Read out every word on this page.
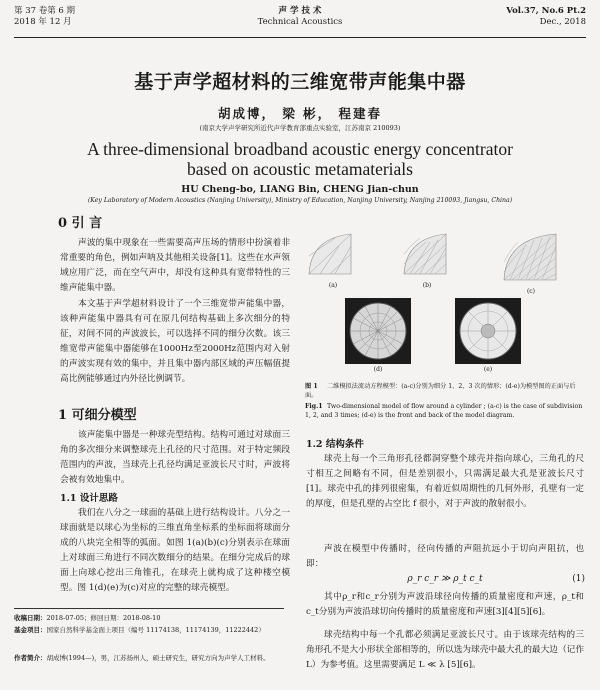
第 37 卷第 6 期
2018 年 12 月
声 学 技 术
Technical Acoustics
Vol.37, No.6 Pt.2
Dec., 2018
基于声学超材料的三维宽带声能集中器
胡成博， 梁 彬， 程建春
(南京大学声学研究所近代声学教育部重点实验室，江苏南京 210093)
A three-dimensional broadband acoustic energy concentrator
based on acoustic metamaterials
HU Cheng-bo, LIANG Bin, CHENG Jian-chun
(Key Laboratory of Modern Acoustics (Nanjing University), Ministry of Education, Nanjing University, Nanjing 210093, Jiangsu, China)
0 引 言
声波的集中现象在一些需要高声压场的情形中扮演着非常重要的角色，例如声呐及其他相关设备[1]。这些在水声领域应用广泛，而在空气声中，却没有这种具有宽带特性的三维声能集中器。
本文基于声学超材料设计了一个三维宽带声能集中器，该种声能集中器具有可在原几何结构基础上多次细分的特征，对间不同的声波波长，可以选择不同的细分次数。该三维宽带声能集中器能够在1000Hz至2000Hz范围内对入射的声波实现有效的集中，并且集中器内部区域的声压幅值提高比例能够通过内外径比例调节。
1 可细分模型
该声能集中器是一种球壳型结构。结构可通过对球面三角的多次细分来调整球壳上孔径的尺寸范围。对于特定频段范围内的声波，当球壳上孔径均满足亚波长尺寸时，声波将会被有效地集中。
1.1 设计思路
我们在八分之一球面的基础上进行结构设计。八分之一球面就是以球心为坐标的三维直角坐标系的坐标面将球面分成的八块完全相等的弧面。如图 1(a)(b)(c)分别表示在球面上对球面三角进行不同次数细分的结果。在细分完成后的球面上向球心挖出三角锥孔，在球壳上就构成了这种楼空模型。图 1(d)(e)为(c)对应的完整的球壳模型。
(a)	(b)
(c)
(d)	(e)
图 1 二维模拟法流动方程模型：(a-c)分别为细分 1、2、3 次的情形；(d-e)为模型图的正面与后面。
Fig.1 Two-dimensional model of flow around a cylinder ; (a-c) is the case of subdivision 1, 2, and 3 times; (d-e) is the front and back of the model diagram.
1.2 结构条件
球壳上每一个三角形孔径都洞穿整个球壳并指向球心，三角孔的尺寸相互之间略有不同，但是差别很小，只需满足最大孔是亚波长尺寸[1]。球壳中孔的排列很密集，有着近似周期性的几何外形，孔壁有一定的厚度，但是孔壁的占空比 f 很小，对于声波的散射很小。
声波在模型中传播时，径向传播的声阻抗远小于切向声阻抗，也即：
ρ_r c_r ≫ ρ_t c_t	(1)
其中ρ_r和c_r分别为声波沿球径向传播的质量密度和声速，ρ_t和c_t分别为声波沿球切向传播时的质量密度和声速[3][4][5][6]。
球壳结构中每一个孔都必须满足亚波长尺寸。由于该球壳结构的三角形孔不是大小形状全部相等的，所以选为球壳中最大孔的最大边（记作 L）为参考值。这里需要满足 L ≪ λ [5][6]。
收稿日期：2018-07-05；修回日期：2018-08-10
基金项目：国家自然科学基金面上项目（编号 11174138，11174139，11222442）
作者简介：胡成博(1994—)，男，江苏扬州人，硕士研究生，研究方向为声学人工材料。
